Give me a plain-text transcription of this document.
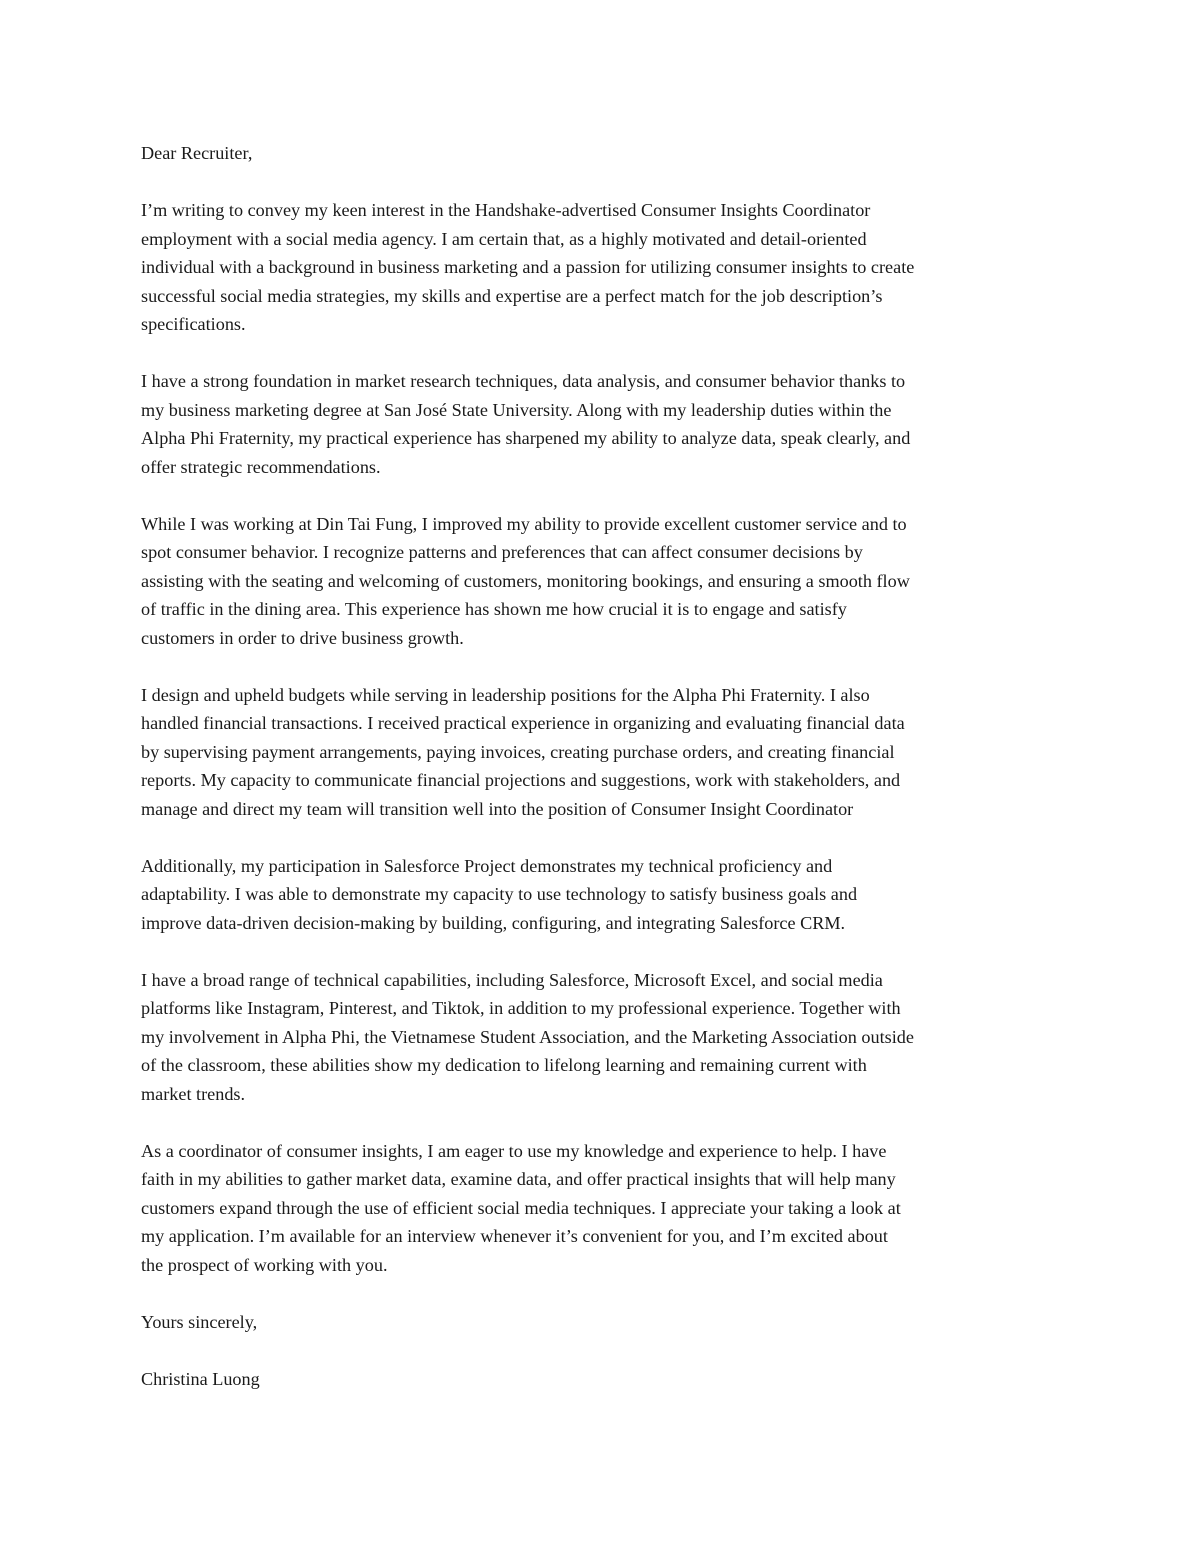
Dear Recruiter,

I’m writing to convey my keen interest in the Handshake-advertised Consumer Insights Coordinator
employment with a social media agency. I am certain that, as a highly motivated and detail-oriented
individual with a background in business marketing and a passion for utilizing consumer insights to create
successful social media strategies, my skills and expertise are a perfect match for the job description’s
specifications.
I have a strong foundation in market research techniques, data analysis, and consumer behavior thanks to
my business marketing degree at San José State University. Along with my leadership duties within the
Alpha Phi Fraternity, my practical experience has sharpened my ability to analyze data, speak clearly, and
offer strategic recommendations.
While I was working at Din Tai Fung, I improved my ability to provide excellent customer service and to
spot consumer behavior. I recognize patterns and preferences that can affect consumer decisions by
assisting with the seating and welcoming of customers, monitoring bookings, and ensuring a smooth flow
of traffic in the dining area. This experience has shown me how crucial it is to engage and satisfy
customers in order to drive business growth.
I design and upheld budgets while serving in leadership positions for the Alpha Phi Fraternity. I also
handled financial transactions. I received practical experience in organizing and evaluating financial data
by supervising payment arrangements, paying invoices, creating purchase orders, and creating financial
reports. My capacity to communicate financial projections and suggestions, work with stakeholders, and
manage and direct my team will transition well into the position of Consumer Insight Coordinator
Additionally, my participation in Salesforce Project demonstrates my technical proficiency and
adaptability. I was able to demonstrate my capacity to use technology to satisfy business goals and
improve data-driven decision-making by building, configuring, and integrating Salesforce CRM.
I have a broad range of technical capabilities, including Salesforce, Microsoft Excel, and social media
platforms like Instagram, Pinterest, and Tiktok, in addition to my professional experience. Together with
my involvement in Alpha Phi, the Vietnamese Student Association, and the Marketing Association outside
of the classroom, these abilities show my dedication to lifelong learning and remaining current with
market trends.
As a coordinator of consumer insights, I am eager to use my knowledge and experience to help. I have
faith in my abilities to gather market data, examine data, and offer practical insights that will help many
customers expand through the use of efficient social media techniques. I appreciate your taking a look at
my application. I’m available for an interview whenever it’s convenient for you, and I’m excited about
the prospect of working with you.

Yours sincerely,

Christina Luong
